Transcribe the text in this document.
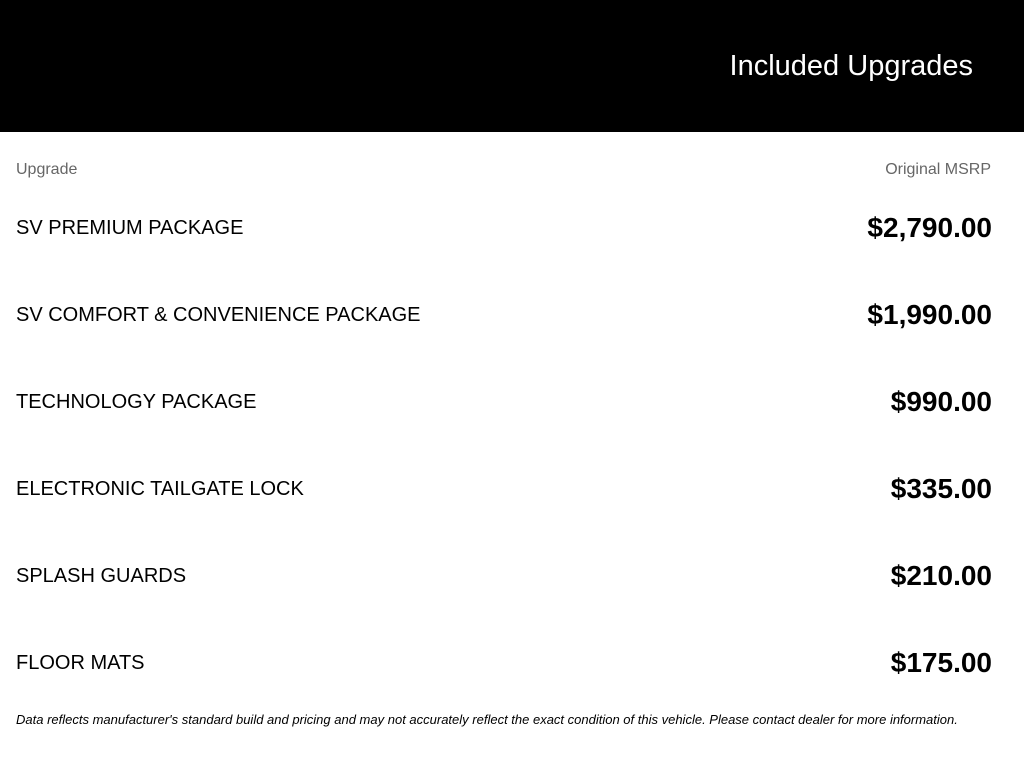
Included Upgrades
Upgrade	Original MSRP
SV PREMIUM PACKAGE	$2,790.00
SV COMFORT & CONVENIENCE PACKAGE	$1,990.00
TECHNOLOGY PACKAGE	$990.00
ELECTRONIC TAILGATE LOCK	$335.00
SPLASH GUARDS	$210.00
FLOOR MATS	$175.00
Data reflects manufacturer's standard build and pricing and may not accurately reflect the exact condition of this vehicle. Please contact dealer for more information.
